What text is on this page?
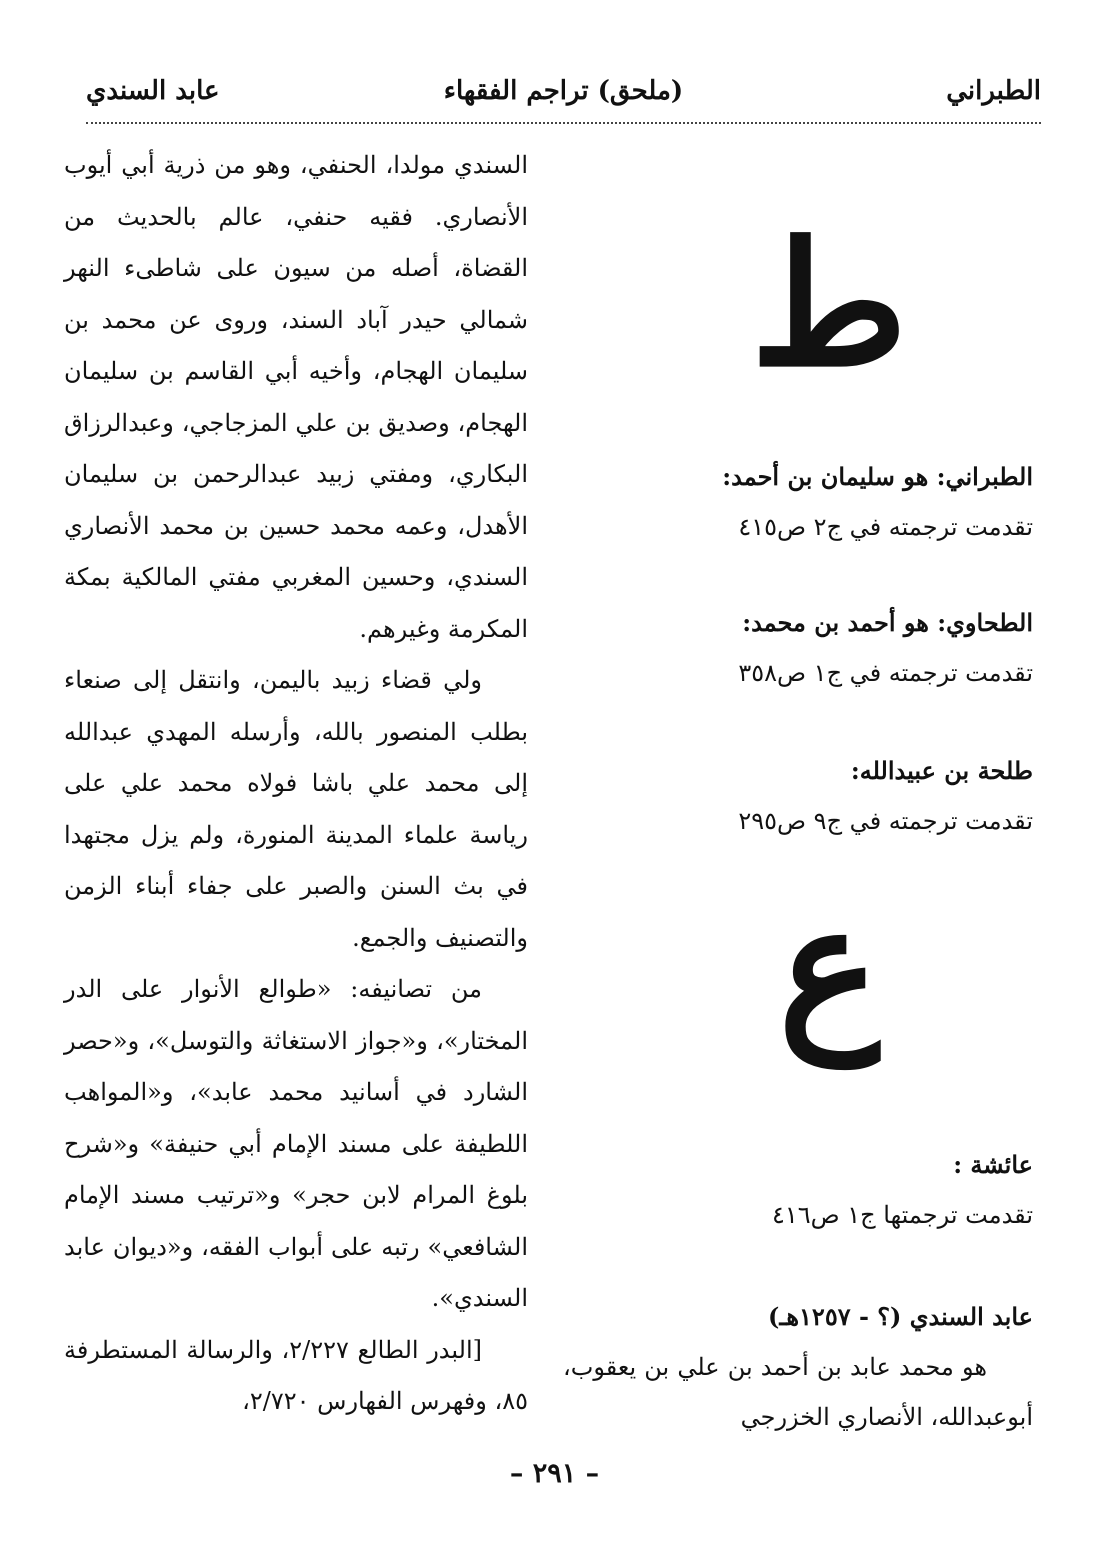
الطبراني
(ملحق) تراجم الفقهاء
عابد السندي

السندي مولدا، الحنفي، وهو من ذرية أبي أيوب الأنصاري. فقيه حنفي، عالم بالحديث من القضاة، أصله من سيون على شاطىء النهر شمالي حيدر آباد السند، وروى عن محمد بن سليمان الهجام، وأخيه أبي القاسم بن سليمان الهجام، وصديق بن علي المزجاجي، وعبدالرزاق البكاري، ومفتي زبيد عبدالرحمن بن سليمان الأهدل، وعمه محمد حسين بن محمد الأنصاري السندي، وحسين المغربي مفتي المالكية بمكة المكرمة وغيرهم.

ولي قضاء زبيد باليمن، وانتقل إلى صنعاء بطلب المنصور بالله، وأرسله المهدي عبدالله إلى محمد علي باشا فولاه محمد علي على رياسة علماء المدينة المنورة، ولم يزل مجتهدا في بث السنن والصبر على جفاء أبناء الزمن والتصنيف والجمع.

من تصانيفه: «طوالع الأنوار على الدر المختار»، و«جواز الاستغاثة والتوسل»، و«حصر الشارد في أسانيد محمد عابد»، و«المواهب اللطيفة على مسند الإمام أبي حنيفة» و«شرح بلوغ المرام لابن حجر» و«ترتيب مسند الإمام الشافعي» رتبه على أبواب الفقه، و«ديوان عابد السندي».

[البدر الطالع ٢/٢٢٧، والرسالة المستطرفة ٨٥، وفهرس الفهارس ٢/٧٢٠،

ط
الطبراني: هو سليمان بن أحمد:
تقدمت ترجمته في ج٢ ص٤١٥
الطحاوي: هو أحمد بن محمد:
تقدمت ترجمته في ج١ ص٣٥٨
طلحة بن عبيدالله:
تقدمت ترجمته في ج٩ ص٢٩٥
ع
عائشة :
تقدمت ترجمتها ج١ ص٤١٦
عابد السندي (؟ - ١٢٥٧هـ)
هو محمد عابد بن أحمد بن علي بن يعقوب، أبوعبدالله، الأنصاري الخزرجي
– ٢٩١ –
